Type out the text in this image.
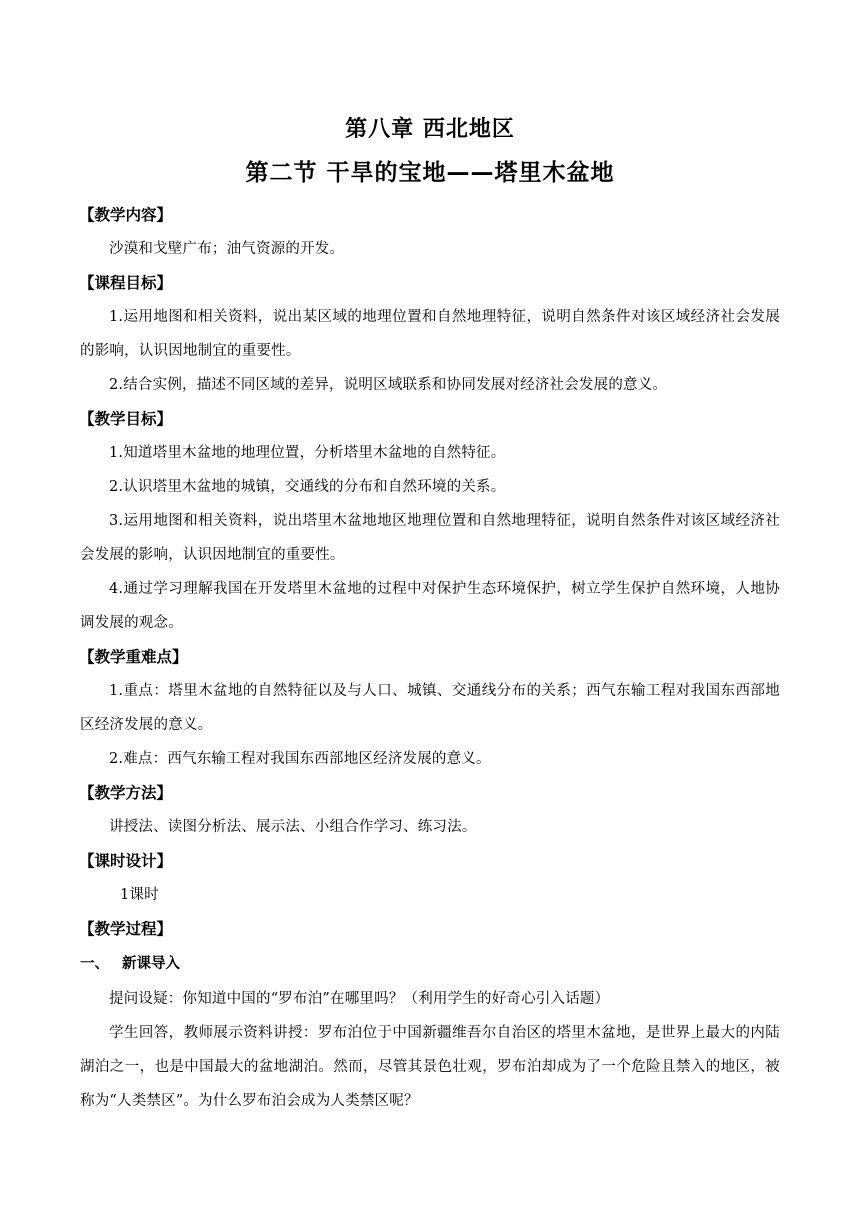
第八章 西北地区
第二节 干旱的宝地——塔里木盆地
【教学内容】
沙漠和戈壁广布；油气资源的开发。
【课程目标】
1.运用地图和相关资料，说出某区域的地理位置和自然地理特征，说明自然条件对该区域经济社会发展的影响，认识因地制宜的重要性。
2.结合实例，描述不同区域的差异，说明区域联系和协同发展对经济社会发展的意义。
【教学目标】
1.知道塔里木盆地的地理位置，分析塔里木盆地的自然特征。
2.认识塔里木盆地的城镇，交通线的分布和自然环境的关系。
3.运用地图和相关资料，说出塔里木盆地地区地理位置和自然地理特征，说明自然条件对该区域经济社会发展的影响，认识因地制宜的重要性。
4.通过学习理解我国在开发塔里木盆地的过程中对保护生态环境保护，树立学生保护自然环境，人地协调发展的观念。
【教学重难点】
1.重点：塔里木盆地的自然特征以及与人口、城镇、交通线分布的关系；西气东输工程对我国东西部地区经济发展的意义。
2.难点：西气东输工程对我国东西部地区经济发展的意义。
【教学方法】
讲授法、读图分析法、展示法、小组合作学习、练习法。
【课时设计】
1课时
【教学过程】
一、 新课导入
提问设疑：你知道中国的“罗布泊”在哪里吗？（利用学生的好奇心引入话题）
学生回答，教师展示资料讲授：罗布泊位于中国新疆维吾尔自治区的塔里木盆地，是世界上最大的内陆湖泊之一，也是中国最大的盆地湖泊。然而，尽管其景色壮观，罗布泊却成为了一个危险且禁入的地区，被称为“人类禁区”。为什么罗布泊会成为人类禁区呢？
